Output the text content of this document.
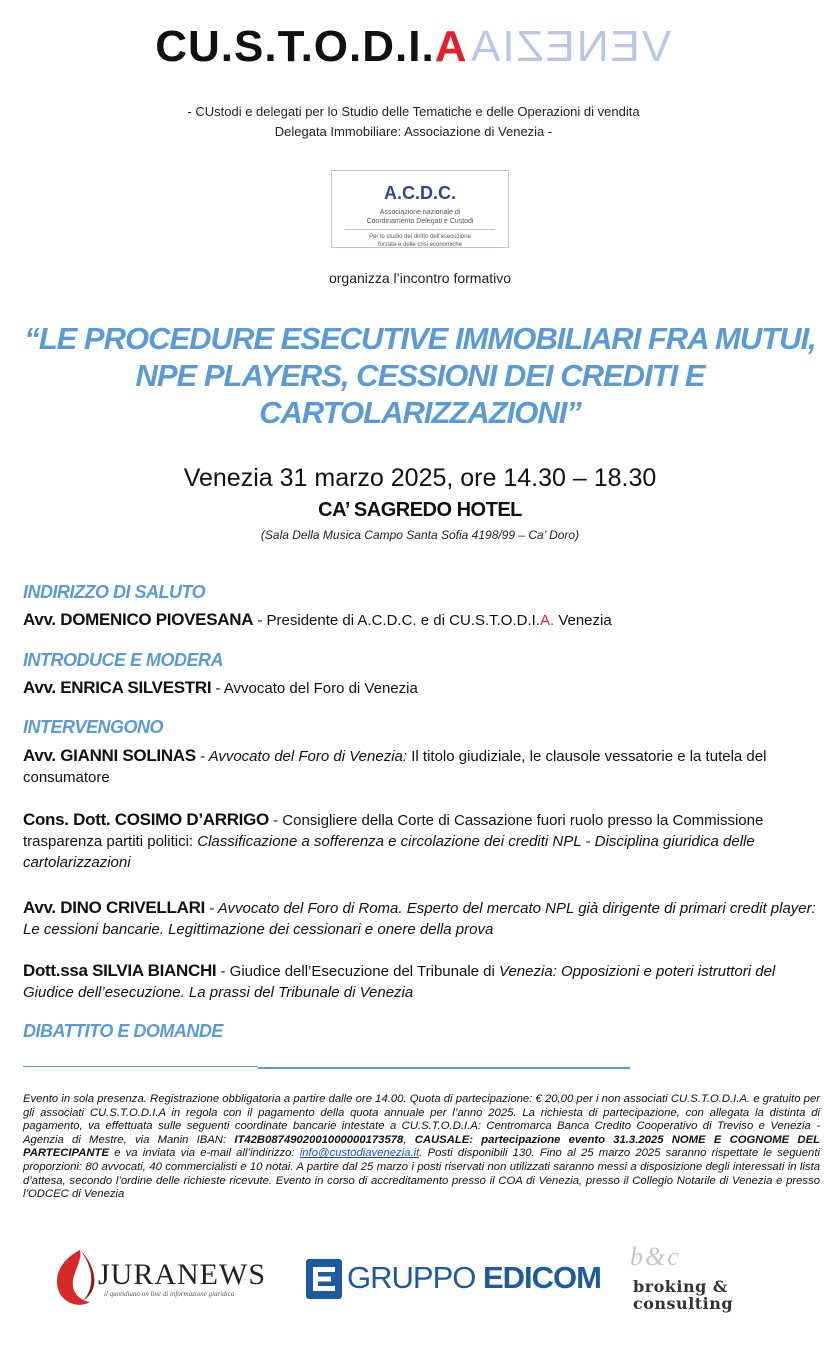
CU.S.T.O.D.I.AVENEZIA
- CUstodi e delegati per lo Studio delle Tematiche e delle Operazioni di vendita
Delegata Immobiliare: Associazione di Venezia -
A.C.D.C.
Associazione nazionale di
Coordinamento Delegati e Custodi
Per lo studio del diritto dell'esecuzione
forzata e delle crisi economiche
organizza l’incontro formativo
“LE PROCEDURE ESECUTIVE IMMOBILIARI FRA MUTUI,
NPE PLAYERS, CESSIONI DEI CREDITI E
CARTOLARIZZAZIONI”
Venezia 31 marzo 2025, ore 14.30 – 18.30
CA’ SAGREDO HOTEL
(Sala Della Musica Campo Santa Sofia 4198/99 – Ca’ Doro)
INDIRIZZO DI SALUTO
Avv. DOMENICO PIOVESANA - Presidente di A.C.D.C. e di CU.S.T.O.D.I.A. Venezia
INTRODUCE E MODERA
Avv. ENRICA SILVESTRI - Avvocato del Foro di Venezia
INTERVENGONO
Avv. GIANNI SOLINAS - Avvocato del Foro di Venezia: Il titolo giudiziale, le clausole vessatorie e la tutela del consumatore
Cons. Dott. COSIMO D’ARRIGO - Consigliere della Corte di Cassazione fuori ruolo presso la Commissione trasparenza partiti politici: Classificazione a sofferenza e circolazione dei crediti NPL - Disciplina giuridica delle cartolarizzazioni
Avv. DINO CRIVELLARI - Avvocato del Foro di Roma. Esperto del mercato NPL già dirigente di primari credit player: Le cessioni bancarie. Legittimazione dei cessionari e onere della prova
Dott.ssa SILVIA BIANCHI - Giudice dell’Esecuzione del Tribunale di Venezia: Opposizioni e poteri istruttori del Giudice dell’esecuzione. La prassi del Tribunale di Venezia
DIBATTITO E DOMANDE
Evento in sola presenza. Registrazione obbligatoria a partire dalle ore 14.00. Quota di partecipazione: € 20,00 per i non associati CU.S.T.O.D.I.A. e gratuito per gli associati CU.S.T.O.D.I.A in regola con il pagamento della quota annuale per l’anno 2025. La richiesta di partecipazione, con allegata la distinta di pagamento, va effettuata sulle seguenti coordinate bancarie intestate a CU.S.T.O.D.I.A: Centromarca Banca Credito Cooperativo di Treviso e Venezia - Agenzia di Mestre, via Manin IBAN: IT42B0874902001000000173578, CAUSALE: partecipazione evento 31.3.2025 NOME E COGNOME DEL PARTECIPANTE e va inviata via e-mail all’indirizzo: info@custodiavenezia.it. Posti disponibili 130. Fino al 25 marzo 2025 saranno rispettate le seguenti proporzioni: 80 avvocati, 40 commercialisti e 10 notai. A partire dal 25 marzo i posti riservati non utilizzati saranno messi a disposizione degli interessati in lista d’attesa, secondo l’ordine delle richieste ricevute. Evento in corso di accreditamento presso il COA di Venezia, presso il Collegio Notarile di Venezia e presso l’ODCEC di Venezia
JURANEWS
il quotidiano on line di informazione giuridica	GRUPPO EDICOM
b&c
broking &
consulting
